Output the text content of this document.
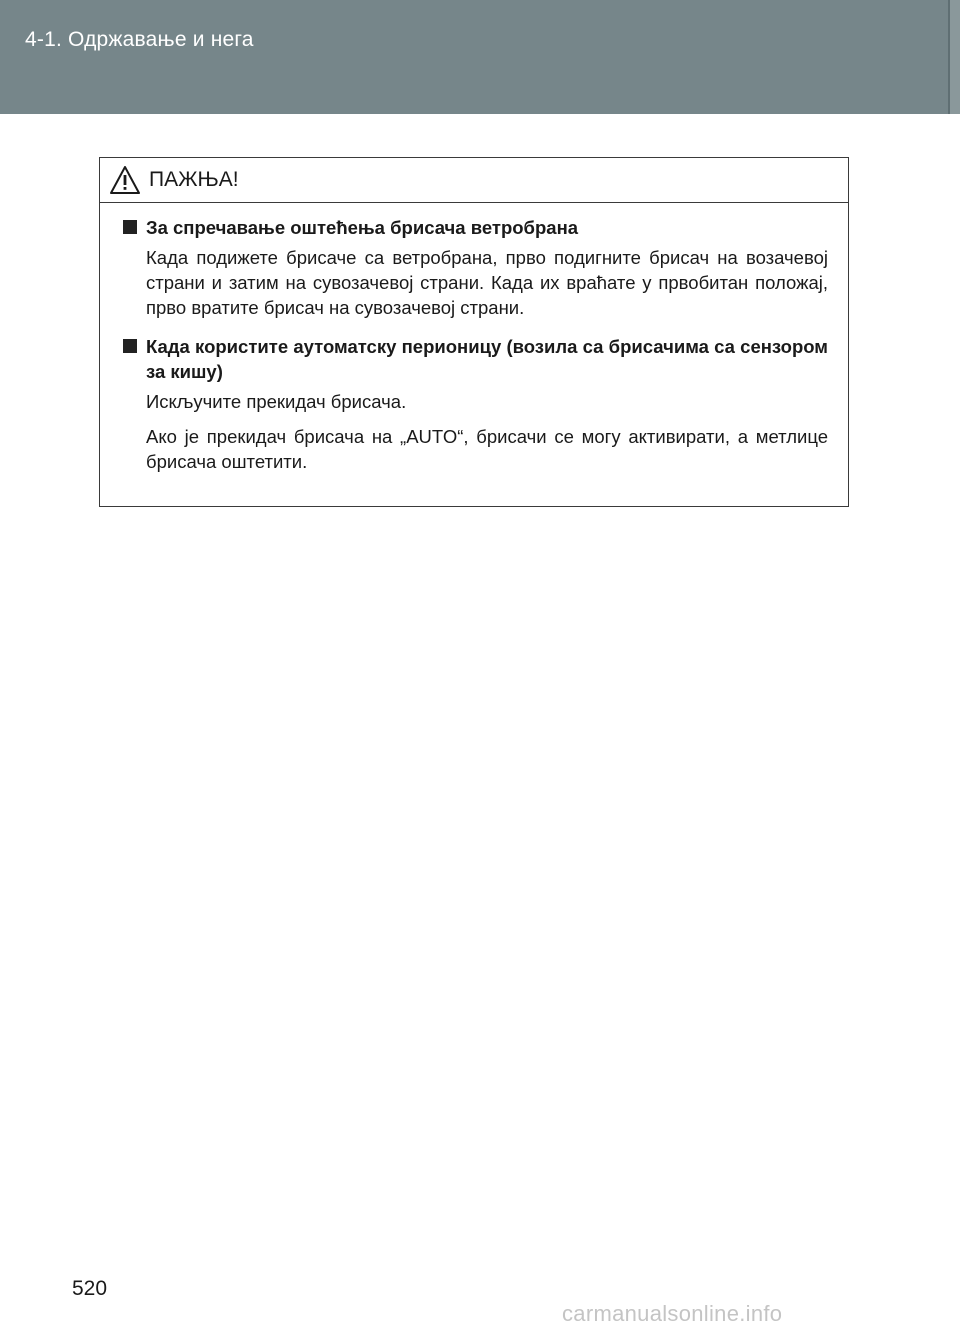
4-1. Одржавање и нега
ПАЖЊА!
За спречавање оштећења брисача ветробрана
Када подижете брисаче са ветробрана, прво подигните брисач на возачевој страни и затим на сувозачевој страни. Када их враћате у првобитан положај, прво вратите брисач на сувозачевој страни.
Када користите аутоматску перионицу (возила са брисачима са сензором за кишу)
Искључите прекидач брисача.
Ако је прекидач брисача на „AUTO“, брисачи се могу активирати, а метлице брисача оштетити.
520
carmanualsonline.info
